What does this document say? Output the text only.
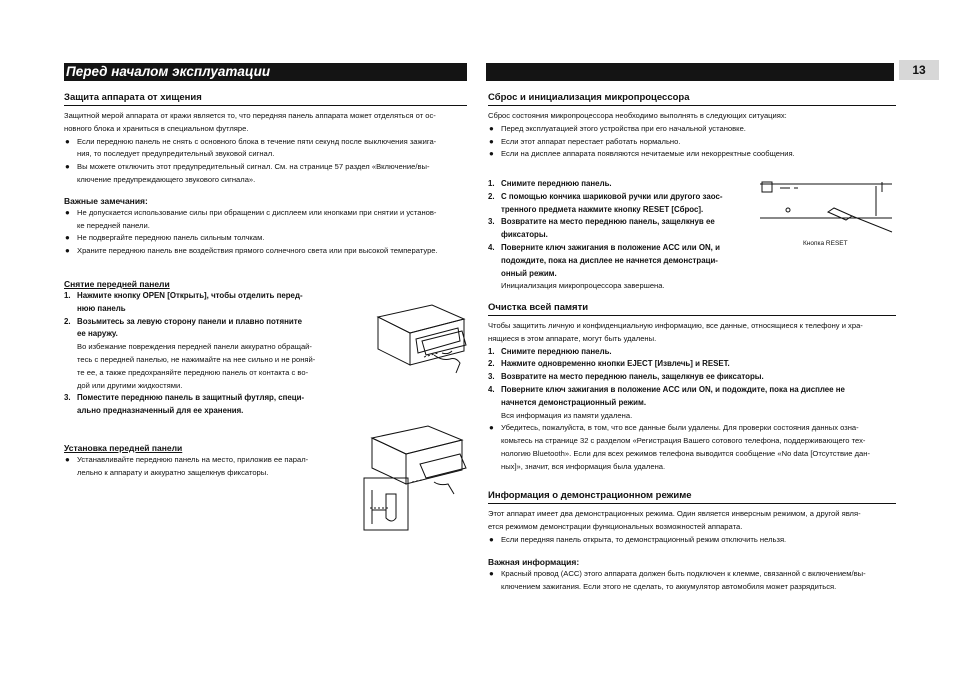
Перед началом эксплуатации	13
Защита аппарата от хищения

Защитной мерой аппарата от кражи является то, что передняя панель аппарата может отделяться от ос-

новного блока и храниться в специальном футляре.

● Если переднюю панель не снять с основного блока в течение пяти секунд после выключения зажига-
ния, то последует предупредительный звуковой сигнал.
● Вы можете отключить этот предупредительный сигнал. См. на странице 57 раздел «Включение/вы-
ключение предупреждающего звукового сигнала».
Важные замечания:
● Не допускается использование силы при обращении с дисплеем или кнопками при снятии и установ-
ке передней панели.
● Не подвергайте переднюю панель сильным толчкам.
● Храните переднюю панель вне воздействия прямого солнечного света или при высокой температуре.
Снятие передней панели
1. Нажмите кнопку OPEN [Открыть], чтобы отделить перед-
нюю панель
2. Возьмитесь за левую сторону панели и плавно потяните
ее наружу.

Во избежание повреждения передней панели аккуратно обращай-
тесь с передней панелью, не нажимайте на нее сильно и не роняй-
те ее, а также предохраняйте переднюю панель от контакта с во-
дой или другими жидкостями.

3. Поместите переднюю панель в защитный футляр, специ-
ально предназначенный для ее хранения.
Установка передней панели
● Устанавливайте переднюю панель на место, приложив ее парал-
лельно к аппарату и аккуратно защелкнув фиксаторы.
Сброс и инициализация микропроцессора

Сброс состояния микропроцессора необходимо выполнять в следующих ситуациях:

● Перед эксплуатацией этого устройства при его начальной установке.
● Если этот аппарат перестает работать нормально.
● Если на дисплее аппарата появляются нечитаемые или некорректные сообщения.
1. Снимите переднюю панель.
2. С помощью кончика шариковой ручки или другого заос-
тренного предмета нажмите кнопку RESET [Сброс].
3. Возвратите на место переднюю панель, защелкнув ее
фиксаторы.
4. Поверните ключ зажигания в положение ACC или ON, и
подождите, пока на дисплее не начнется демонстраци-
онный режим.

Инициализация микропроцессора завершена.

Кнопка RESET
Очистка всей памяти

Чтобы защитить личную и конфиденциальную информацию, все данные, относящиеся к телефону и хра-

нящиеся в этом аппарате, могут быть удалены.

1. Снимите переднюю панель.
2. Нажмите одновременно кнопки EJECT [Извлечь] и RESET.
3. Возвратите на место переднюю панель, защелкнув ее фиксаторы.
4. Поверните ключ зажигания в положение ACC или ON, и подождите, пока на дисплее не
начнется демонстрационный режим.

Вся информация из памяти удалена.

● Убедитесь, пожалуйста, в том, что все данные были удалены. Для проверки состояния данных озна-
комьтесь на странице 32 с разделом «Регистрация Вашего сотового телефона, поддерживающего тех-
нологию Bluetooth». Если для всех режимов телефона выводится сообщение «No data [Отсутствие дан-
ных]», значит, вся информация была удалена.
Информация о демонстрационном режиме

Этот аппарат имеет два демонстрационных режима. Один является инверсным режимом, а другой явля-

ется режимом демонстрации функциональных возможностей аппарата.

● Если передняя панель открыта, то демонстрационный режим отключить нельзя.
Важная информация:
● Красный провод (ACC) этого аппарата должен быть подключен к клемме, связанной с включением/вы-
ключением зажигания. Если этого не сделать, то аккумулятор автомобиля может разрядиться.
